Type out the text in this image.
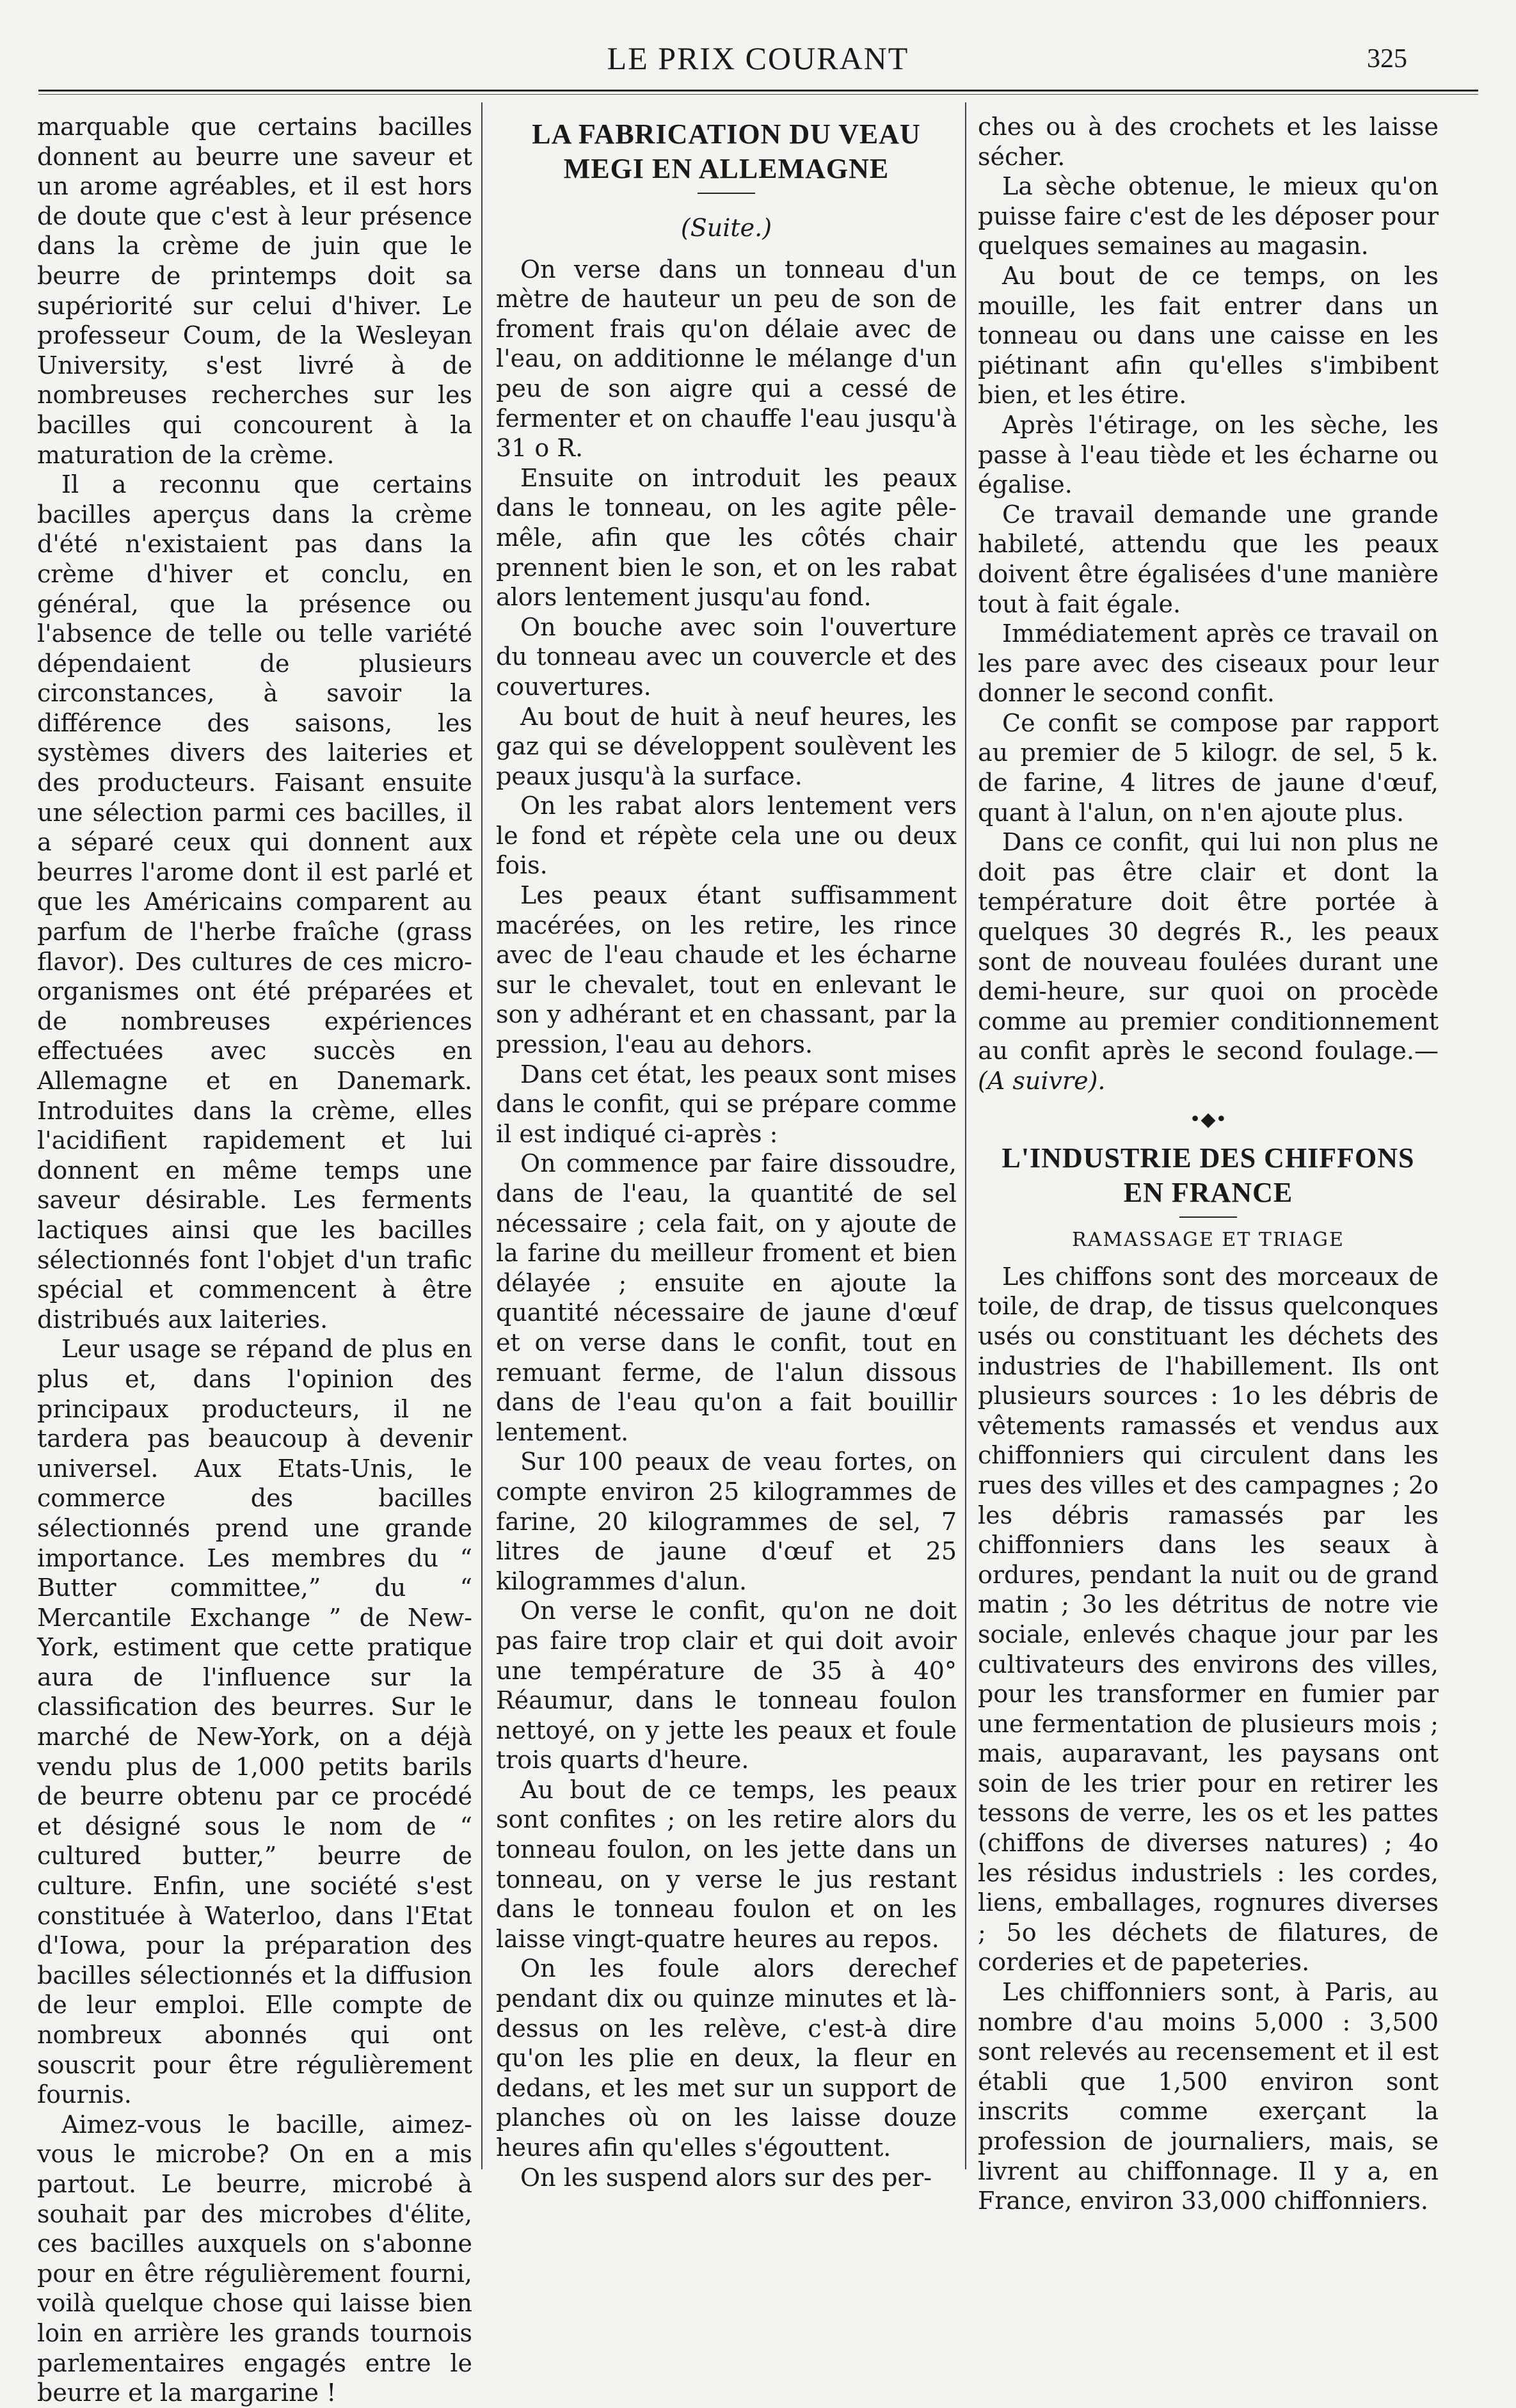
LE PRIX COURANT	325

marquable que certains bacilles donnent au beurre une saveur et un arome agréables, et il est hors de doute que c'est à leur présence dans la crème de juin que le beurre de printemps doit sa supériorité sur celui d'hiver. Le professeur Coum, de la Wesleyan University, s'est livré à de nombreuses recherches sur les bacilles qui concourent à la maturation de la crème.

Il a reconnu que certains bacilles aperçus dans la crème d'été n'existaient pas dans la crème d'hiver et conclu, en général, que la présence ou l'absence de telle ou telle variété dépendaient de plusieurs circonstances, à savoir la différence des saisons, les systèmes divers des laiteries et des producteurs. Faisant ensuite une sélection parmi ces bacilles, il a séparé ceux qui donnent aux beurres l'arome dont il est parlé et que les Américains comparent au parfum de l'herbe fraîche (grass flavor). Des cultures de ces micro-organismes ont été préparées et de nombreuses expériences effectuées avec succès en Allemagne et en Danemark. Introduites dans la crème, elles l'acidifient rapidement et lui donnent en même temps une saveur désirable. Les ferments lactiques ainsi que les bacilles sélectionnés font l'objet d'un trafic spécial et commencent à être distribués aux laiteries.

Leur usage se répand de plus en plus et, dans l'opinion des principaux producteurs, il ne tardera pas beaucoup à devenir universel. Aux Etats-Unis, le commerce des bacilles sélectionnés prend une grande importance. Les membres du “ Butter committee,” du “ Mercantile Exchange ” de New-York, estiment que cette pratique aura de l'influence sur la classification des beurres. Sur le marché de New-York, on a déjà vendu plus de 1,000 petits barils de beurre obtenu par ce procédé et désigné sous le nom de “ cultured butter,” beurre de culture. Enfin, une société s'est constituée à Waterloo, dans l'Etat d'Iowa, pour la préparation des bacilles sélectionnés et la diffusion de leur emploi. Elle compte de nombreux abonnés qui ont souscrit pour être régulièrement fournis.

Aimez-vous le bacille, aimez-vous le microbe? On en a mis partout. Le beurre, microbé à souhait par des microbes d'élite, ces bacilles auxquels on s'abonne pour en être régulièrement fourni, voilà quelque chose qui laisse bien loin en arrière les grands tournois parlementaires engagés entre le beurre et la margarine !

LA FABRICATION DU VEAU MEGI EN ALLEMAGNE
(Suite.)

On verse dans un tonneau d'un mètre de hauteur un peu de son de froment frais qu'on délaie avec de l'eau, on additionne le mélange d'un peu de son aigre qui a cessé de fermenter et on chauffe l'eau jusqu'à 31 o R.

Ensuite on introduit les peaux dans le tonneau, on les agite pêle-mêle, afin que les côtés chair prennent bien le son, et on les rabat alors lentement jusqu'au fond.

On bouche avec soin l'ouverture du tonneau avec un couvercle et des couvertures.

Au bout de huit à neuf heures, les gaz qui se développent soulèvent les peaux jusqu'à la surface.

On les rabat alors lentement vers le fond et répète cela une ou deux fois.

Les peaux étant suffisamment macérées, on les retire, les rince avec de l'eau chaude et les écharne sur le chevalet, tout en enlevant le son y adhérant et en chassant, par la pression, l'eau au dehors.

Dans cet état, les peaux sont mises dans le confit, qui se prépare comme il est indiqué ci-après :

On commence par faire dissoudre, dans de l'eau, la quantité de sel nécessaire ; cela fait, on y ajoute de la farine du meilleur froment et bien délayée ; ensuite en ajoute la quantité nécessaire de jaune d'œuf et on verse dans le confit, tout en remuant ferme, de l'alun dissous dans de l'eau qu'on a fait bouillir lentement.

Sur 100 peaux de veau fortes, on compte environ 25 kilogrammes de farine, 20 kilogrammes de sel, 7 litres de jaune d'œuf et 25 kilogrammes d'alun.

On verse le confit, qu'on ne doit pas faire trop clair et qui doit avoir une température de 35 à 40° Réaumur, dans le tonneau foulon nettoyé, on y jette les peaux et foule trois quarts d'heure.

Au bout de ce temps, les peaux sont confites ; on les retire alors du tonneau foulon, on les jette dans un tonneau, on y verse le jus restant dans le tonneau foulon et on les laisse vingt-quatre heures au repos.

On les foule alors derechef pendant dix ou quinze minutes et là-dessus on les relève, c'est-à dire qu'on les plie en deux, la fleur en dedans, et les met sur un support de planches où on les laisse douze heures afin qu'elles s'égouttent.

On les suspend alors sur des per-

ches ou à des crochets et les laisse sécher.

La sèche obtenue, le mieux qu'on puisse faire c'est de les déposer pour quelques semaines au magasin.

Au bout de ce temps, on les mouille, les fait entrer dans un tonneau ou dans une caisse en les piétinant afin qu'elles s'imbibent bien, et les étire.

Après l'étirage, on les sèche, les passe à l'eau tiède et les écharne ou égalise.

Ce travail demande une grande habileté, attendu que les peaux doivent être égalisées d'une manière tout à fait égale.

Immédiatement après ce travail on les pare avec des ciseaux pour leur donner le second confit.

Ce confit se compose par rapport au premier de 5 kilogr. de sel, 5 k. de farine, 4 litres de jaune d'œuf, quant à l'alun, on n'en ajoute plus.

Dans ce confit, qui lui non plus ne doit pas être clair et dont la température doit être portée à quelques 30 degrés R., les peaux sont de nouveau foulées durant une demi-heure, sur quoi on procède comme au premier conditionnement au confit après le second foulage.—(A suivre).

•◆•
L'INDUSTRIE DES CHIFFONS EN FRANCE
RAMASSAGE ET TRIAGE

Les chiffons sont des morceaux de toile, de drap, de tissus quelconques usés ou constituant les déchets des industries de l'habillement. Ils ont plusieurs sources : 1o les débris de vêtements ramassés et vendus aux chiffonniers qui circulent dans les rues des villes et des campagnes ; 2o les débris ramassés par les chiffonniers dans les seaux à ordures, pendant la nuit ou de grand matin ; 3o les détritus de notre vie sociale, enlevés chaque jour par les cultivateurs des environs des villes, pour les transformer en fumier par une fermentation de plusieurs mois ; mais, auparavant, les paysans ont soin de les trier pour en retirer les tessons de verre, les os et les pattes (chiffons de diverses natures) ; 4o les résidus industriels : les cordes, liens, emballages, rognures diverses ; 5o les déchets de filatures, de corderies et de papeteries.

Les chiffonniers sont, à Paris, au nombre d'au moins 5,000 : 3,500 sont relevés au recensement et il est établi que 1,500 environ sont inscrits comme exerçant la profession de journaliers, mais, se livrent au chiffonnage. Il y a, en France, environ 33,000 chiffonniers.
